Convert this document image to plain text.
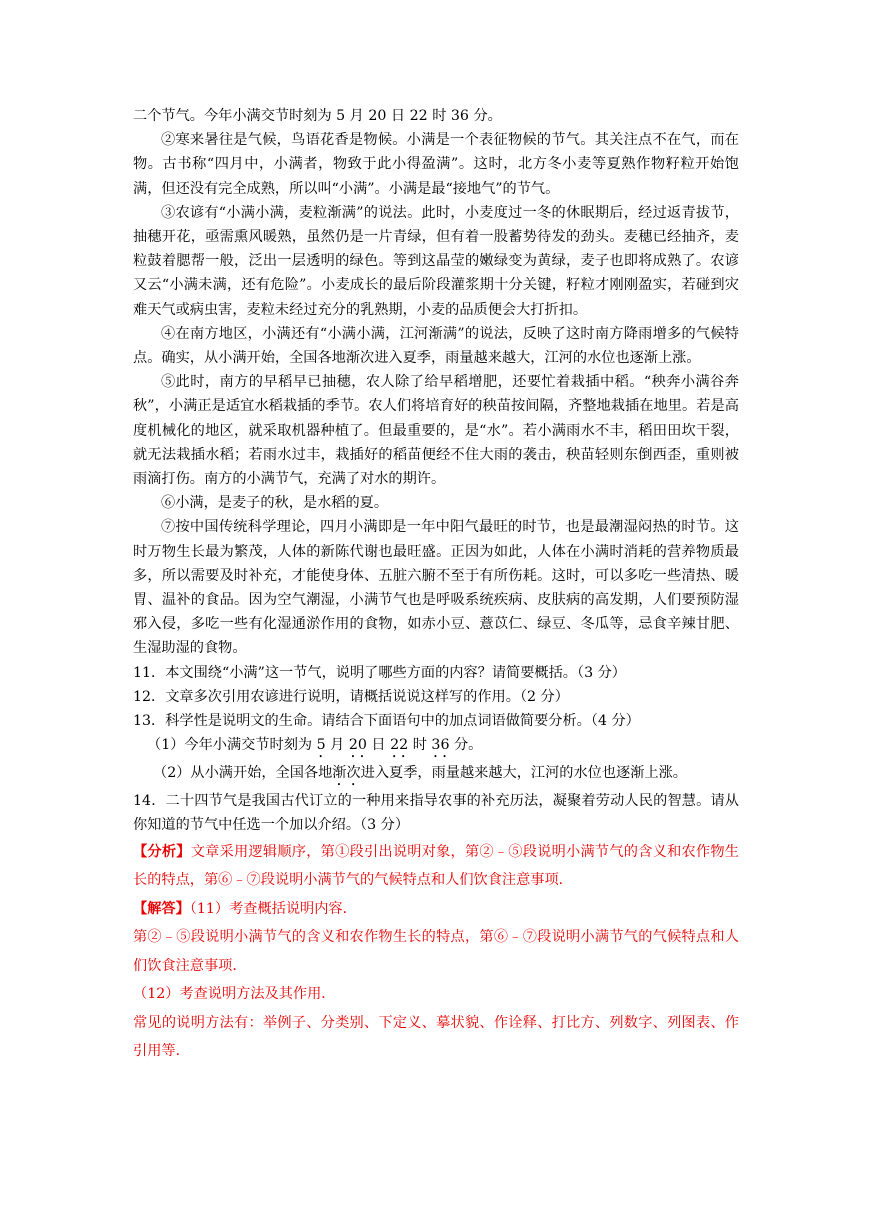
二个节气。今年小满交节时刻为 5 月 20 日 22 时 36 分。

②寒来暑往是气候，鸟语花香是物候。小满是一个表征物候的节气。其关注点不在气，而在物。古书称“四月中，小满者，物致于此小得盈满”。这时，北方冬小麦等夏熟作物籽粒开始饱满，但还没有完全成熟，所以叫“小满”。小满是最“接地气”的节气。

③农谚有“小满小满，麦粒渐满”的说法。此时，小麦度过一冬的休眠期后，经过返青拔节，抽穗开花，亟需熏风暖熟，虽然仍是一片青绿，但有着一股蓄势待发的劲头。麦穗已经抽齐，麦粒鼓着腮帮一般，泛出一层透明的绿色。等到这晶莹的嫩绿变为黄绿，麦子也即将成熟了。农谚又云“小满未满，还有危险”。小麦成长的最后阶段灌浆期十分关键，籽粒才刚刚盈实，若碰到灾难天气或病虫害，麦粒未经过充分的乳熟期，小麦的品质便会大打折扣。

④在南方地区，小满还有“小满小满，江河渐满”的说法，反映了这时南方降雨增多的气候特点。确实，从小满开始，全国各地渐次进入夏季，雨量越来越大，江河的水位也逐渐上涨。

⑤此时，南方的早稻早已抽穗，农人除了给早稻增肥，还要忙着栽插中稻。“秧奔小满谷奔秋”，小满正是适宜水稻栽插的季节。农人们将培育好的秧苗按间隔，齐整地栽插在地里。若是高度机械化的地区，就采取机器种植了。但最重要的，是“水”。若小满雨水不丰，稻田田坎干裂，就无法栽插水稻；若雨水过丰，栽插好的稻苗便经不住大雨的袭击，秧苗轻则东倒西歪，重则被雨滴打伤。南方的小满节气，充满了对水的期许。

⑥小满，是麦子的秋，是水稻的夏。

⑦按中国传统科学理论，四月小满即是一年中阳气最旺的时节，也是最潮湿闷热的时节。这时万物生长最为繁茂，人体的新陈代谢也最旺盛。正因为如此，人体在小满时消耗的营养物质最多，所以需要及时补充，才能使身体、五脏六腑不至于有所伤耗。这时，可以多吃一些清热、暖胃、温补的食品。因为空气潮湿，小满节气也是呼吸系统疾病、皮肤病的高发期，人们要预防湿邪入侵，多吃一些有化湿通淤作用的食物，如赤小豆、薏苡仁、绿豆、冬瓜等，忌食辛辣甘肥、生湿助湿的食物。

11．本文围绕“小满”这一节气，说明了哪些方面的内容？请简要概括。（3 分）

12．文章多次引用农谚进行说明，请概括说说这样写的作用。（2 分）

13．科学性是说明文的生命。请结合下面语句中的加点词语做简要分析。（4 分）

（1）今年小满交节时刻为 5 月 20 日 22 时 36 分。

（2）从小满开始，全国各地渐次进入夏季，雨量越来越大，江河的水位也逐渐上涨。

14．二十四节气是我国古代订立的一种用来指导农事的补充历法，凝聚着劳动人民的智慧。请从你知道的节气中任选一个加以介绍。（3 分）

【分析】文章采用逻辑顺序，第①段引出说明对象，第②﹣⑤段说明小满节气的含义和农作物生长的特点，第⑥﹣⑦段说明小满节气的气候特点和人们饮食注意事项．

【解答】（11）考查概括说明内容．

第②﹣⑤段说明小满节气的含义和农作物生长的特点，第⑥﹣⑦段说明小满节气的气候特点和人们饮食注意事项．

（12）考查说明方法及其作用．

常见的说明方法有：举例子、分类别、下定义、摹状貌、作诠释、打比方、列数字、列图表、作引用等．
